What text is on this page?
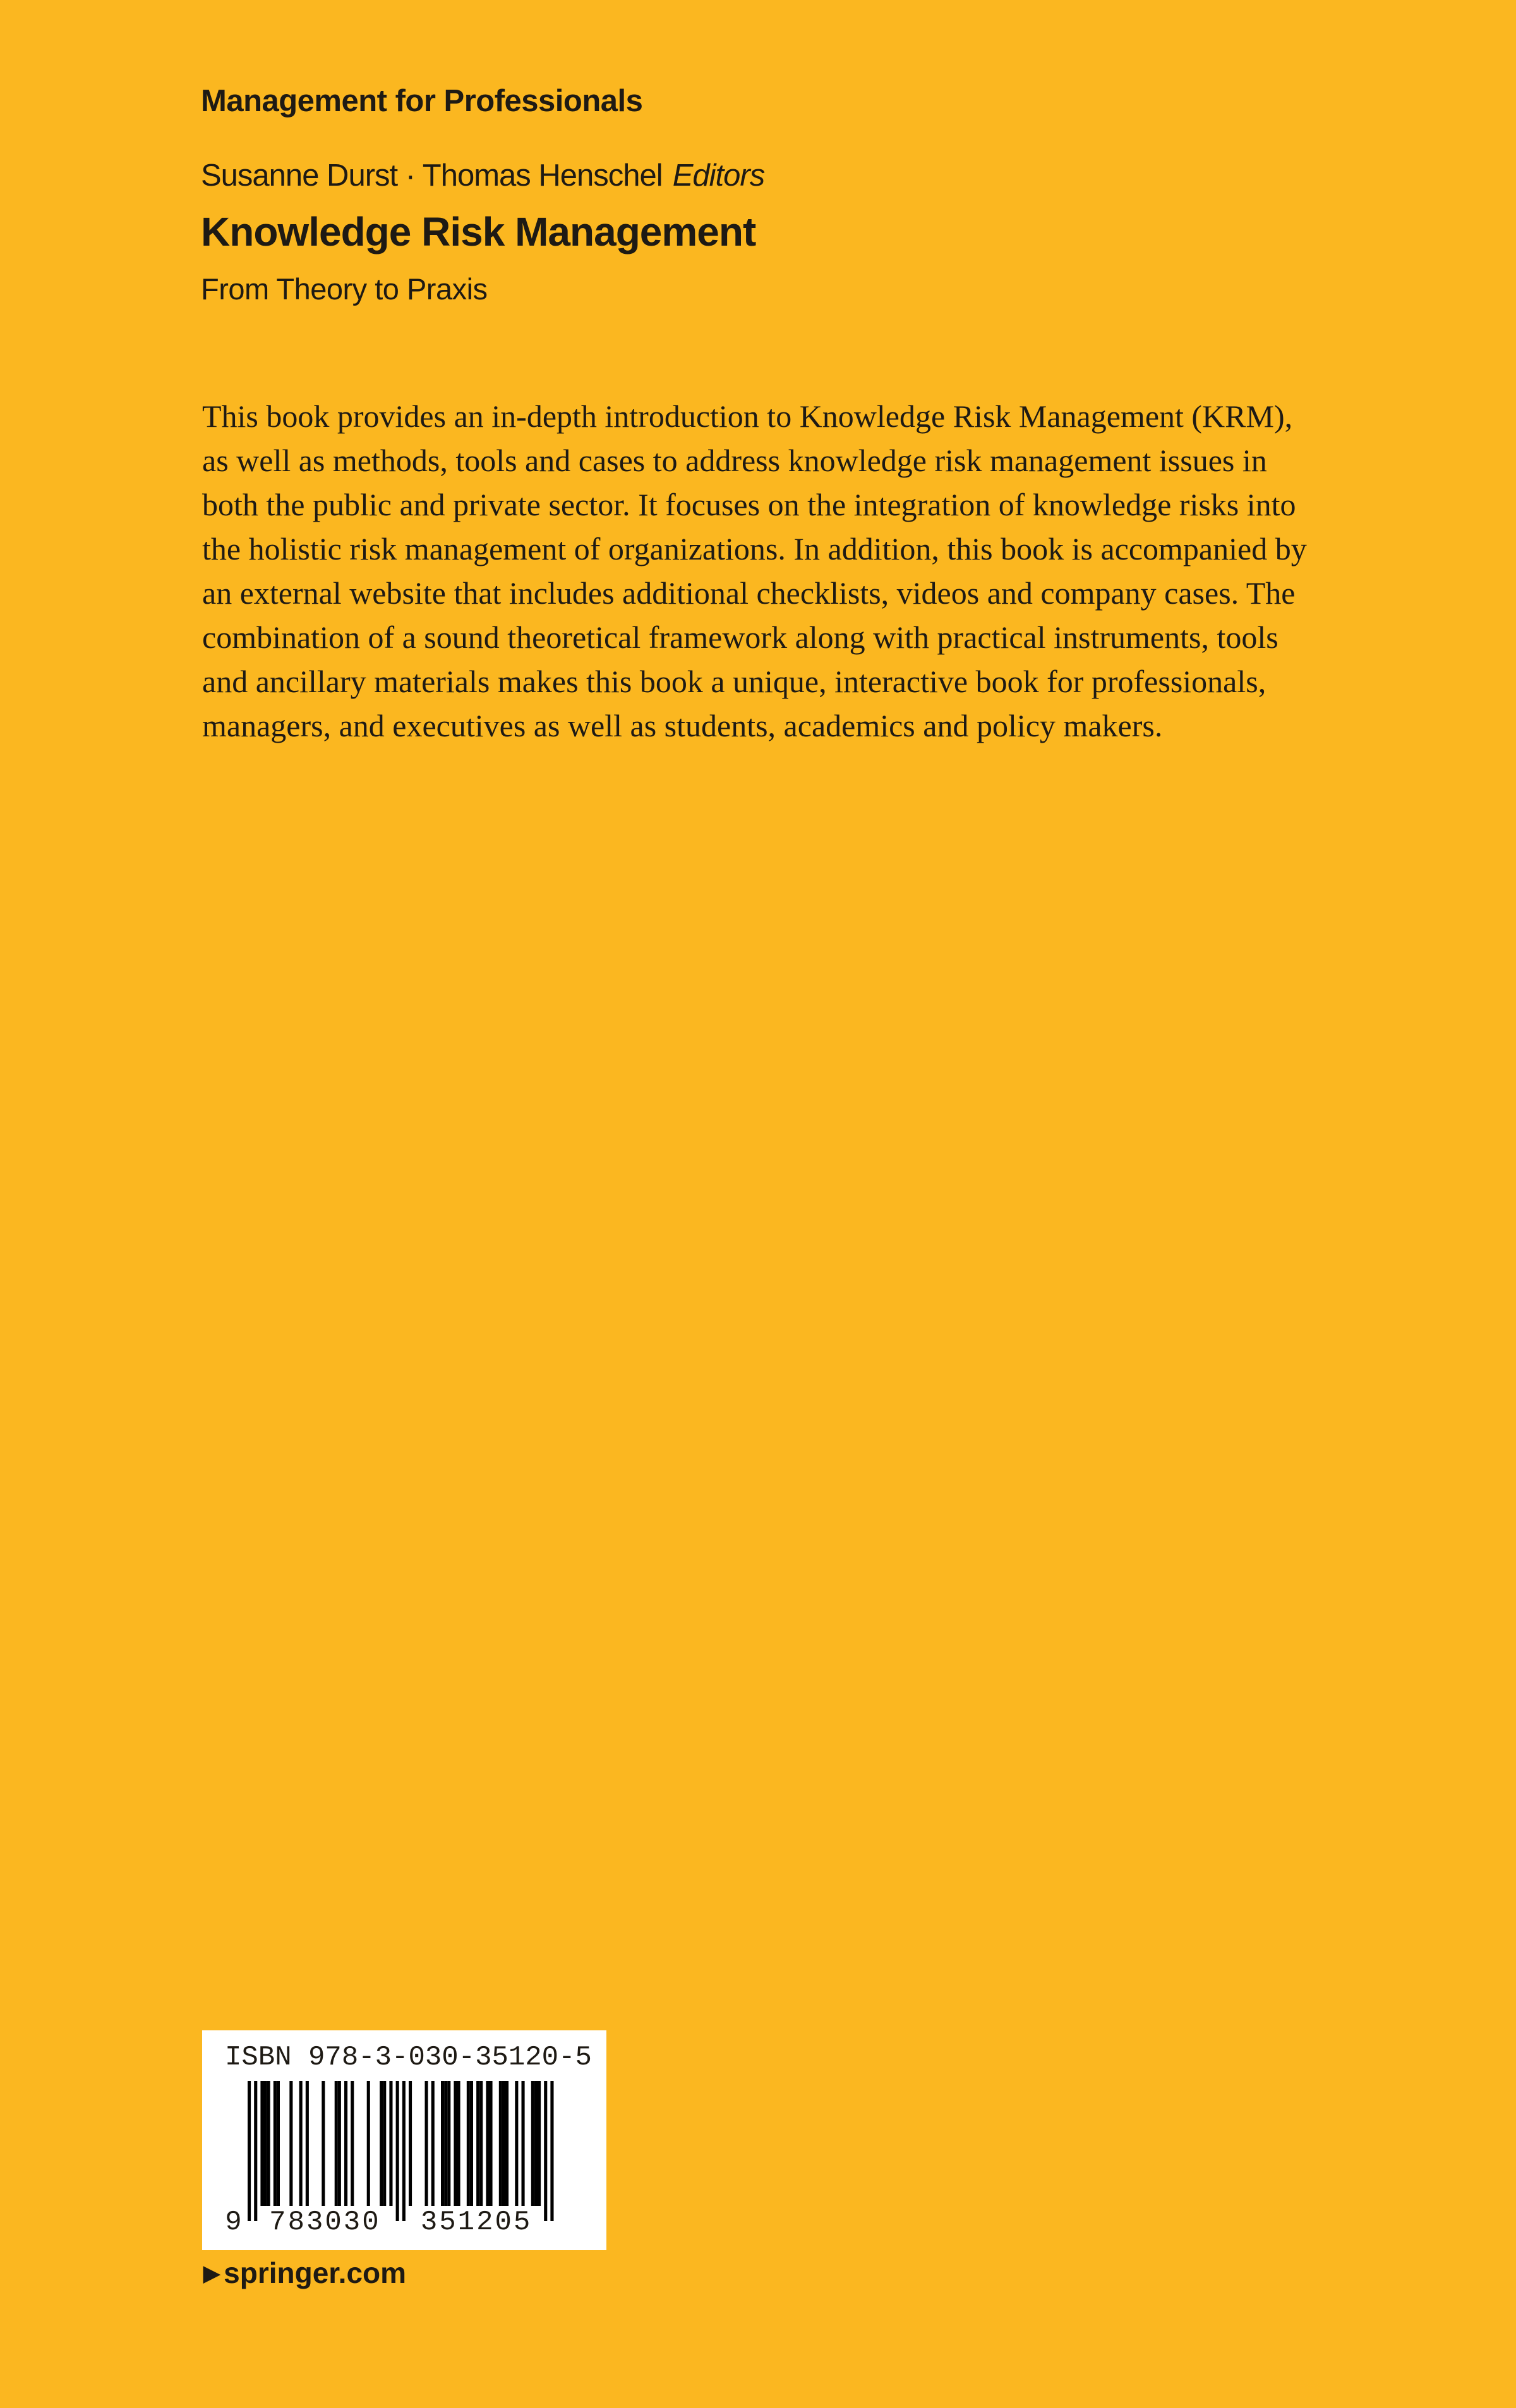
Management for Professionals
Susanne Durst · Thomas Henschel Editors
Knowledge Risk Management
From Theory to Praxis
This book provides an in-depth introduction to Knowledge Risk Management (KRM),
as well as methods, tools and cases to address knowledge risk management issues in
both the public and private sector. It focuses on the integration of knowledge risks into
the holistic risk management of organizations. In addition, this book is accompanied by
an external website that includes additional checklists, videos and company cases. The
combination of a sound theoretical framework along with practical instruments, tools
and ancillary materials makes this book a unique, interactive book for professionals,
managers, and executives as well as students, academics and policy makers.
ISBN 978-3-030-35120-5
9 783030	351205
▶ springer.com
